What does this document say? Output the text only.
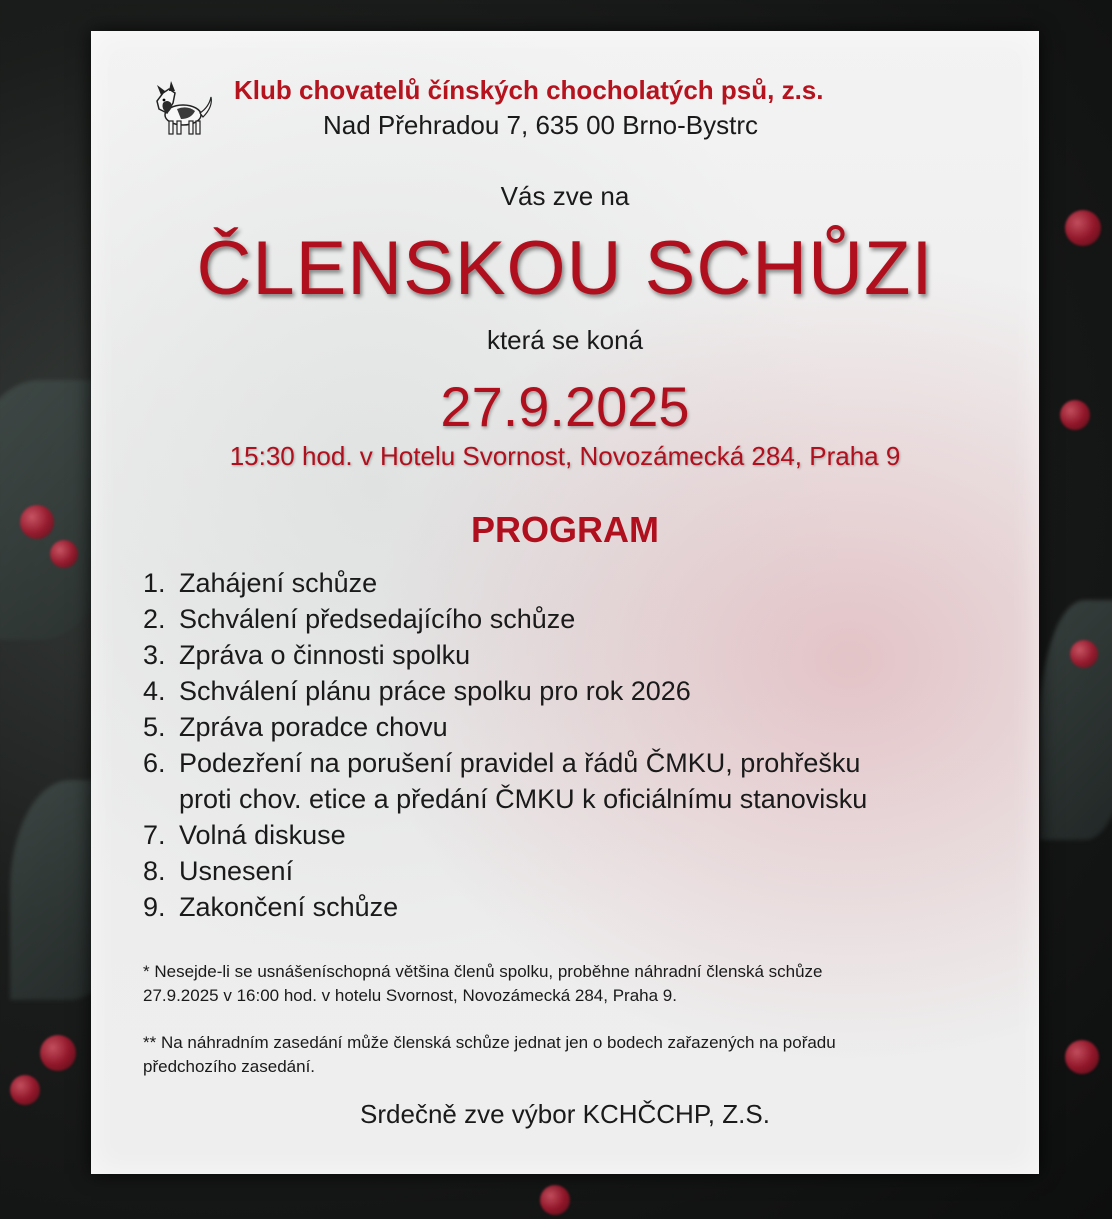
Klub chovatelů čínských chocholatých psů, z.s.
Nad Přehradou 7, 635 00 Brno-Bystrc
Vás zve na
ČLENSKOU SCHŮZI
která se koná
27.9.2025
15:30 hod. v Hotelu Svornost, Novozámecká 284, Praha 9
PROGRAM
1. Zahájení schůze
2. Schválení předsedajícího schůze
3. Zpráva o činnosti spolku
4. Schválení plánu práce spolku pro rok 2026
5. Zpráva poradce chovu
6. Podezření na porušení pravidel a řádů ČMKU, prohřešku
proti chov. etice a předání ČMKU k oficiálnímu stanovisku
7. Volná diskuse
8. Usnesení
9. Zakončení schůze
* Nesejde-li se usnášeníschopná většina členů spolku, proběhne náhradní členská schůze
27.9.2025 v 16:00 hod. v hotelu Svornost, Novozámecká 284, Praha 9.
** Na náhradním zasedání může členská schůze jednat jen o bodech zařazených na pořadu
předchozího zasedání.
Srdečně zve výbor KCHČCHP, Z.S.
